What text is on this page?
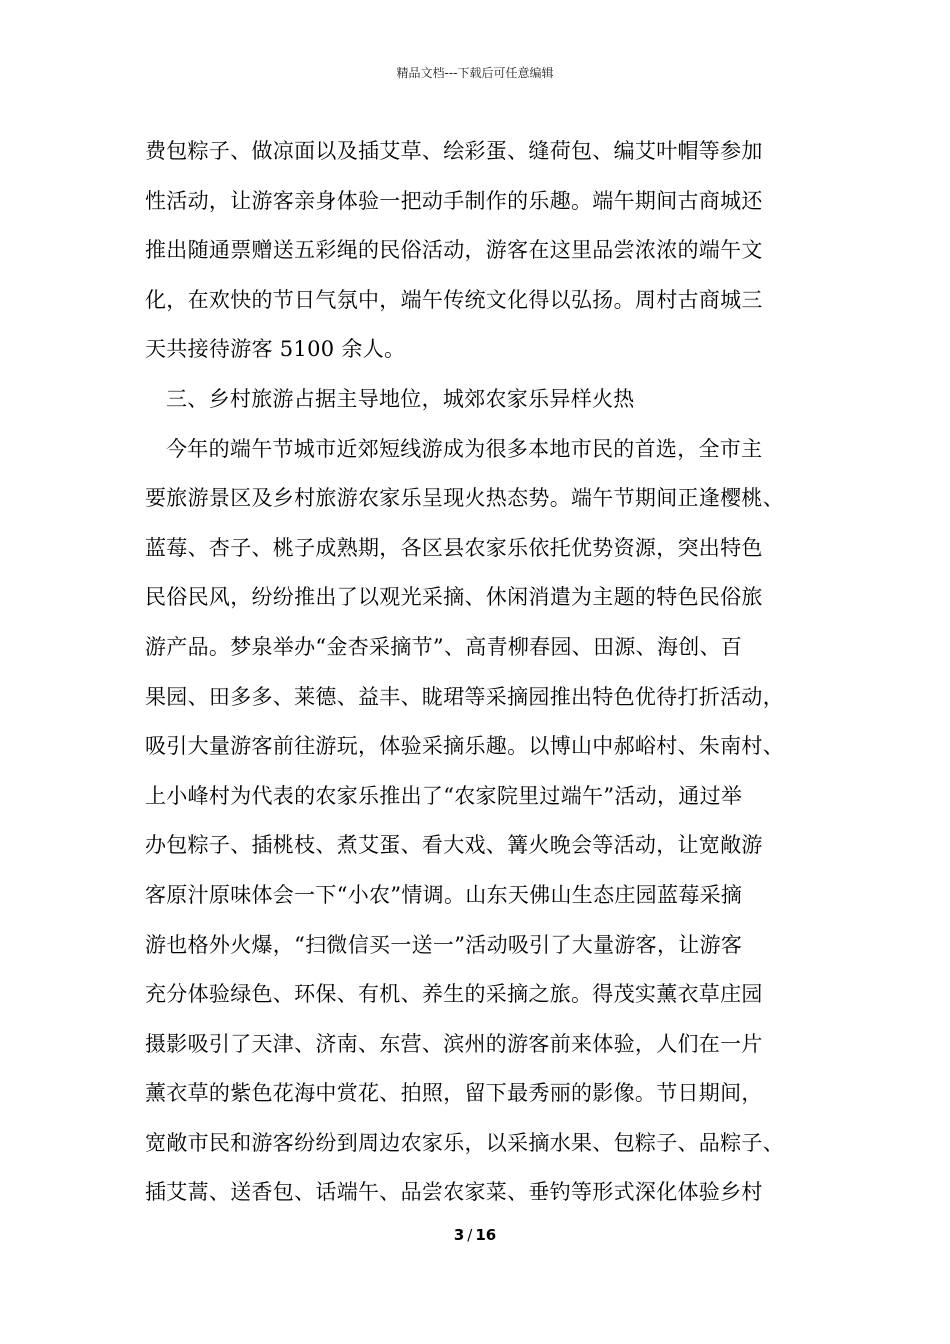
精品文档---下载后可任意编辑
费包粽子、做凉面以及插艾草、绘彩蛋、缝荷包、编艾叶帽等参加
性活动，让游客亲身体验一把动手制作的乐趣。端午期间古商城还
推出随通票赠送五彩绳的民俗活动，游客在这里品尝浓浓的端午文
化，在欢快的节日气氛中，端午传统文化得以弘扬。周村古商城三
天共接待游客 5100 余人。
三、乡村旅游占据主导地位，城郊农家乐异样火热
今年的端午节城市近郊短线游成为很多本地市民的首选，全市主
要旅游景区及乡村旅游农家乐呈现火热态势。端午节期间正逢樱桃、
蓝莓、杏子、桃子成熟期，各区县农家乐依托优势资源，突出特色
民俗民风，纷纷推出了以观光采摘、休闲消遣为主题的特色民俗旅
游产品。梦泉举办“金杏采摘节”、高青柳春园、田源、海创、百
果园、田多多、莱德、益丰、眬珺等采摘园推出特色优待打折活动，
吸引大量游客前往游玩，体验采摘乐趣。以博山中郝峪村、朱南村、
上小峰村为代表的农家乐推出了“农家院里过端午”活动，通过举
办包粽子、插桃枝、煮艾蛋、看大戏、篝火晚会等活动，让宽敞游
客原汁原味体会一下“小农”情调。山东天佛山生态庄园蓝莓采摘
游也格外火爆，“扫微信买一送一”活动吸引了大量游客，让游客
充分体验绿色、环保、有机、养生的采摘之旅。得茂实薰衣草庄园
摄影吸引了天津、济南、东营、滨州的游客前来体验，人们在一片
薰衣草的紫色花海中赏花、拍照，留下最秀丽的影像。节日期间，
宽敞市民和游客纷纷到周边农家乐，以采摘水果、包粽子、品粽子、
插艾蒿、送香包、话端午、品尝农家菜、垂钓等形式深化体验乡村
3 / 16
